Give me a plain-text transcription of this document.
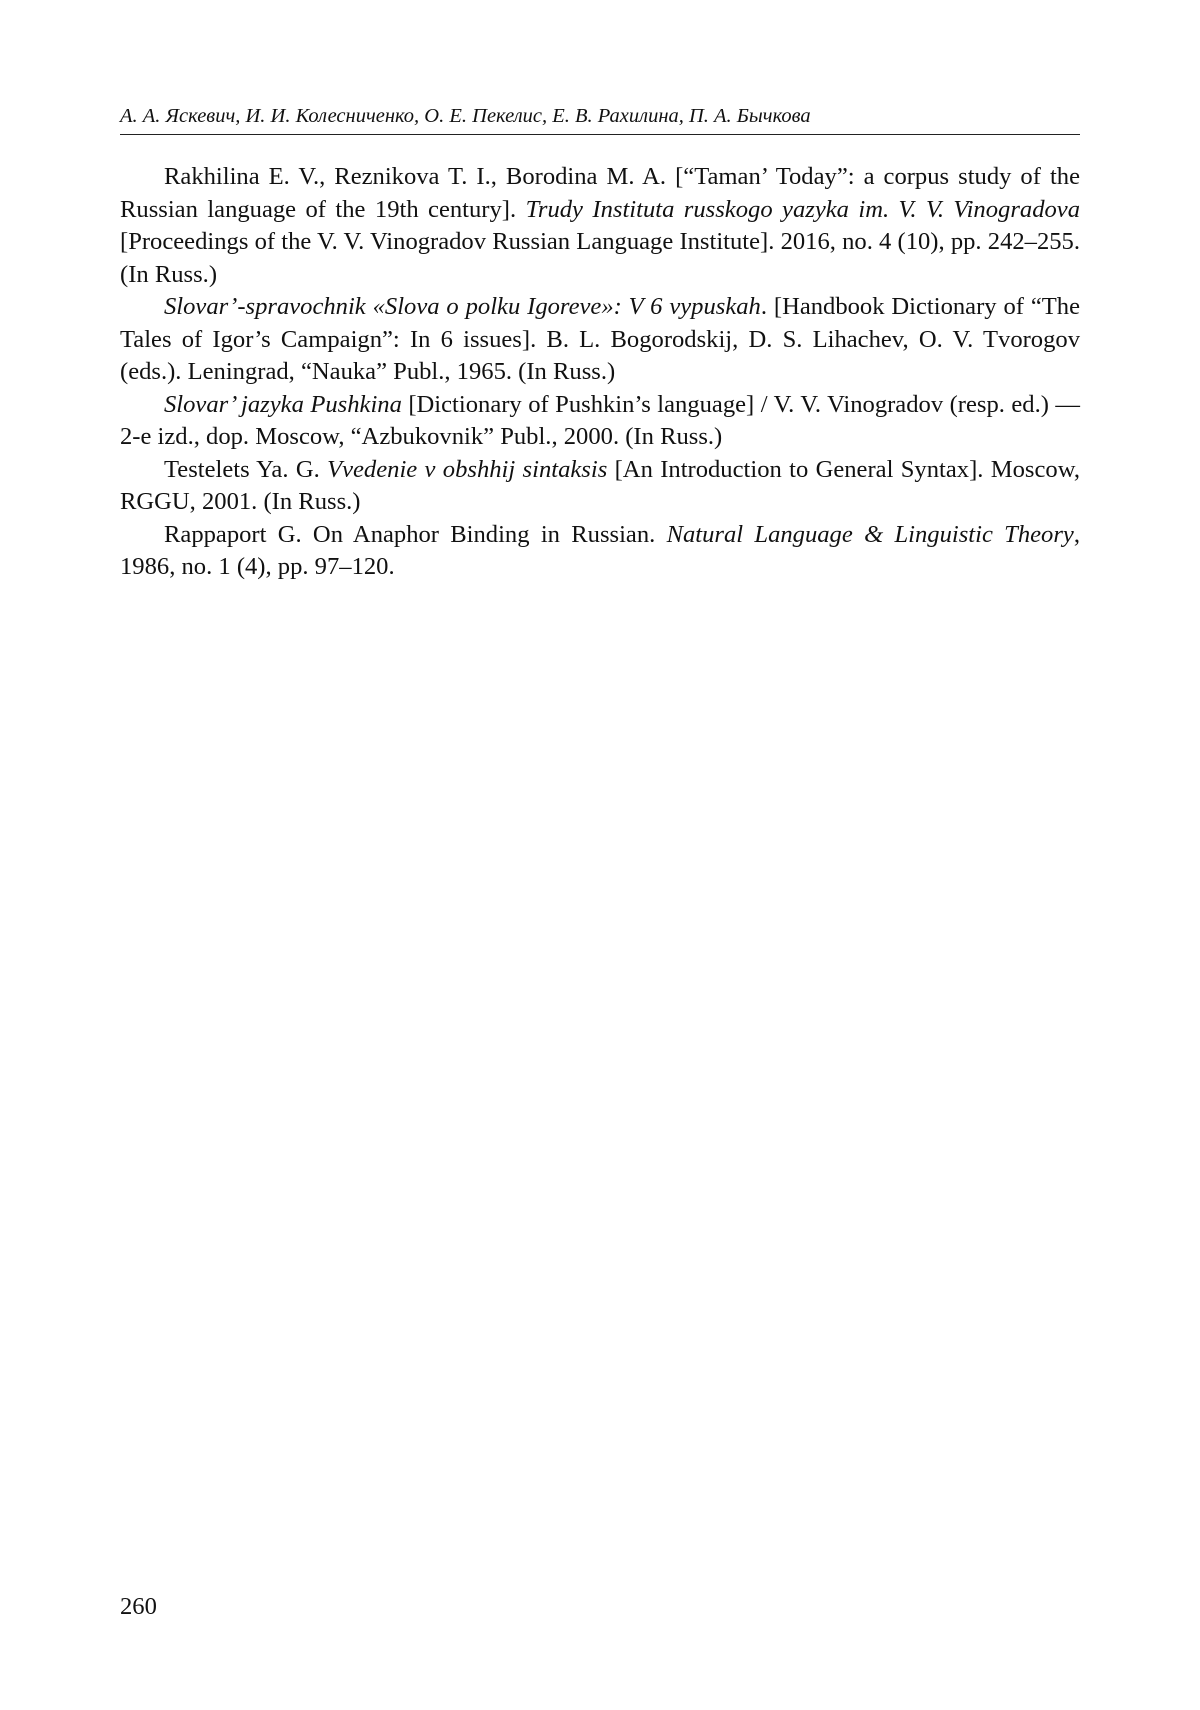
А. А. Яскевич, И. И. Колесниченко, О. Е. Пекелис, Е. В. Рахилина, П. А. Бычкова

Rakhilina E. V., Reznikova T. I., Borodina M. A. [“Taman’ Today”: a corpus study of the Russian language of the 19th century]. Trudy Instituta russkogo yazyka im. V. V. Vinogradova [Proceedings of the V. V. Vinogradov Russian Language Institute]. 2016, no. 4 (10), pp. 242–255. (In Russ.)

Slovar’-spravochnik «Slova o polku Igoreve»: V 6 vypuskah. [Handbook Dictionary of “The Tales of Igor’s Campaign”: In 6 issues]. B. L. Bogorodskij, D. S. Lihachev, O. V. Tvorogov (eds.). Leningrad, “Nauka” Publ., 1965. (In Russ.)

Slovar’ jazyka Pushkina [Dictionary of Pushkin’s language] / V. V. Vinogradov (resp. ed.) — 2-e izd., dop. Moscow, “Azbukovnik” Publ., 2000. (In Russ.)

Testelets Ya. G. Vvedenie v obshhij sintaksis [An Introduction to General Syntax]. Moscow, RGGU, 2001. (In Russ.)

Rappaport G. On Anaphor Binding in Russian. Natural Language & Linguistic Theory, 1986, no. 1 (4), pp. 97–120.

260
